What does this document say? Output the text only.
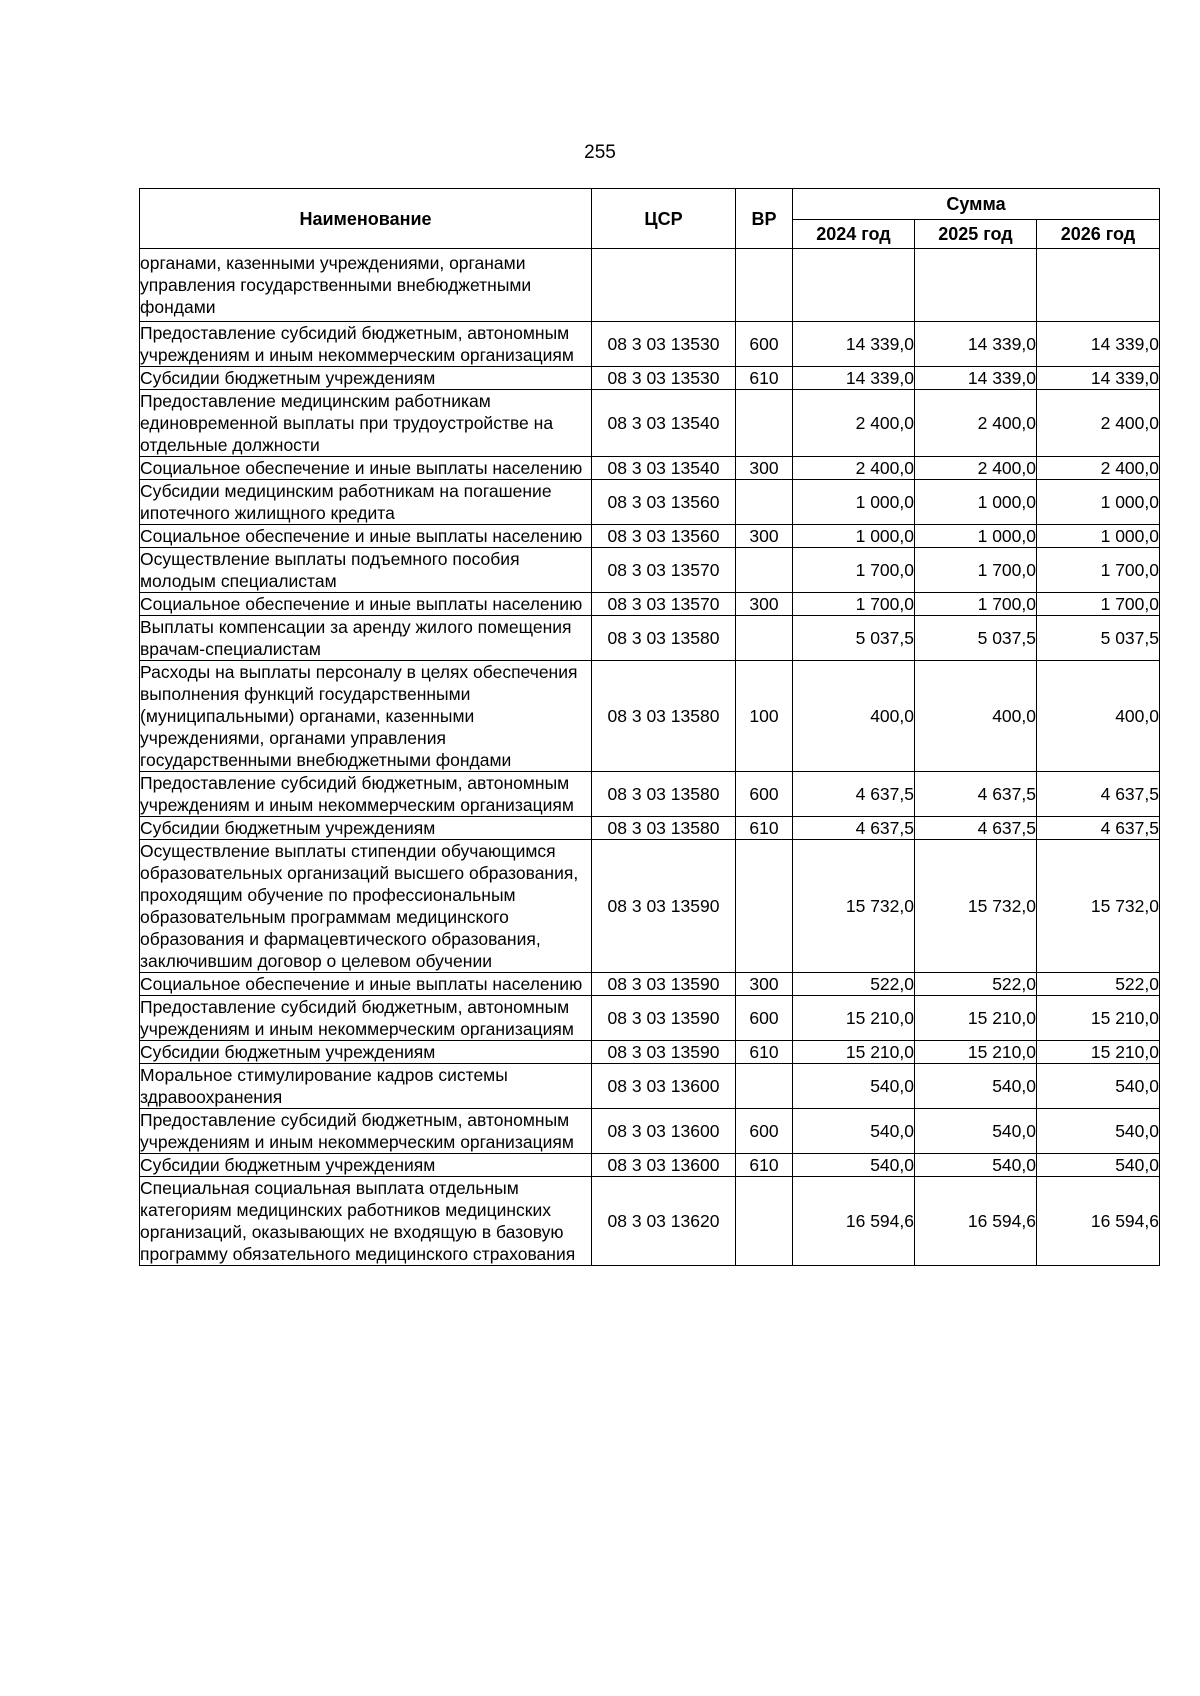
255
Наименование	ЦСР	ВР	Сумма		
			2024 год	2025 год	2026 год
органами, казенными учреждениями, органами управления государственными внебюджетными фондами					
Предоставление субсидий бюджетным, автономным учреждениям и иным некоммерческим организациям	08 3 03 13530	600	14 339,0	14 339,0	14 339,0
Субсидии бюджетным учреждениям	08 3 03 13530	610	14 339,0	14 339,0	14 339,0
Предоставление медицинским работникам единовременной выплаты при трудоустройстве на отдельные должности	08 3 03 13540		2 400,0	2 400,0	2 400,0
Социальное обеспечение и иные выплаты населению	08 3 03 13540	300	2 400,0	2 400,0	2 400,0
Субсидии медицинским работникам на погашение ипотечного жилищного кредита	08 3 03 13560		1 000,0	1 000,0	1 000,0
Социальное обеспечение и иные выплаты населению	08 3 03 13560	300	1 000,0	1 000,0	1 000,0
Осуществление выплаты подъемного пособия молодым специалистам	08 3 03 13570		1 700,0	1 700,0	1 700,0
Социальное обеспечение и иные выплаты населению	08 3 03 13570	300	1 700,0	1 700,0	1 700,0
Выплаты компенсации за аренду жилого помещения врачам-специалистам	08 3 03 13580		5 037,5	5 037,5	5 037,5
Расходы на выплаты персоналу в целях обеспечения выполнения функций государственными (муниципальными) органами, казенными учреждениями, органами управления государственными внебюджетными фондами	08 3 03 13580	100	400,0	400,0	400,0
Предоставление субсидий бюджетным, автономным учреждениям и иным некоммерческим организациям	08 3 03 13580	600	4 637,5	4 637,5	4 637,5
Субсидии бюджетным учреждениям	08 3 03 13580	610	4 637,5	4 637,5	4 637,5
Осуществление выплаты стипендии обучающимся образовательных организаций высшего образования, проходящим обучение по профессиональным образовательным программам медицинского образования и фармацевтического образования, заключившим договор о целевом обучении	08 3 03 13590		15 732,0	15 732,0	15 732,0
Социальное обеспечение и иные выплаты населению	08 3 03 13590	300	522,0	522,0	522,0
Предоставление субсидий бюджетным, автономным учреждениям и иным некоммерческим организациям	08 3 03 13590	600	15 210,0	15 210,0	15 210,0
Субсидии бюджетным учреждениям	08 3 03 13590	610	15 210,0	15 210,0	15 210,0
Моральное стимулирование кадров системы здравоохранения	08 3 03 13600		540,0	540,0	540,0
Предоставление субсидий бюджетным, автономным учреждениям и иным некоммерческим организациям	08 3 03 13600	600	540,0	540,0	540,0
Субсидии бюджетным учреждениям	08 3 03 13600	610	540,0	540,0	540,0
Специальная социальная выплата отдельным категориям медицинских работников медицинских организаций, оказывающих не входящую в базовую программу обязательного медицинского страхования	08 3 03 13620		16 594,6	16 594,6	16 594,6
